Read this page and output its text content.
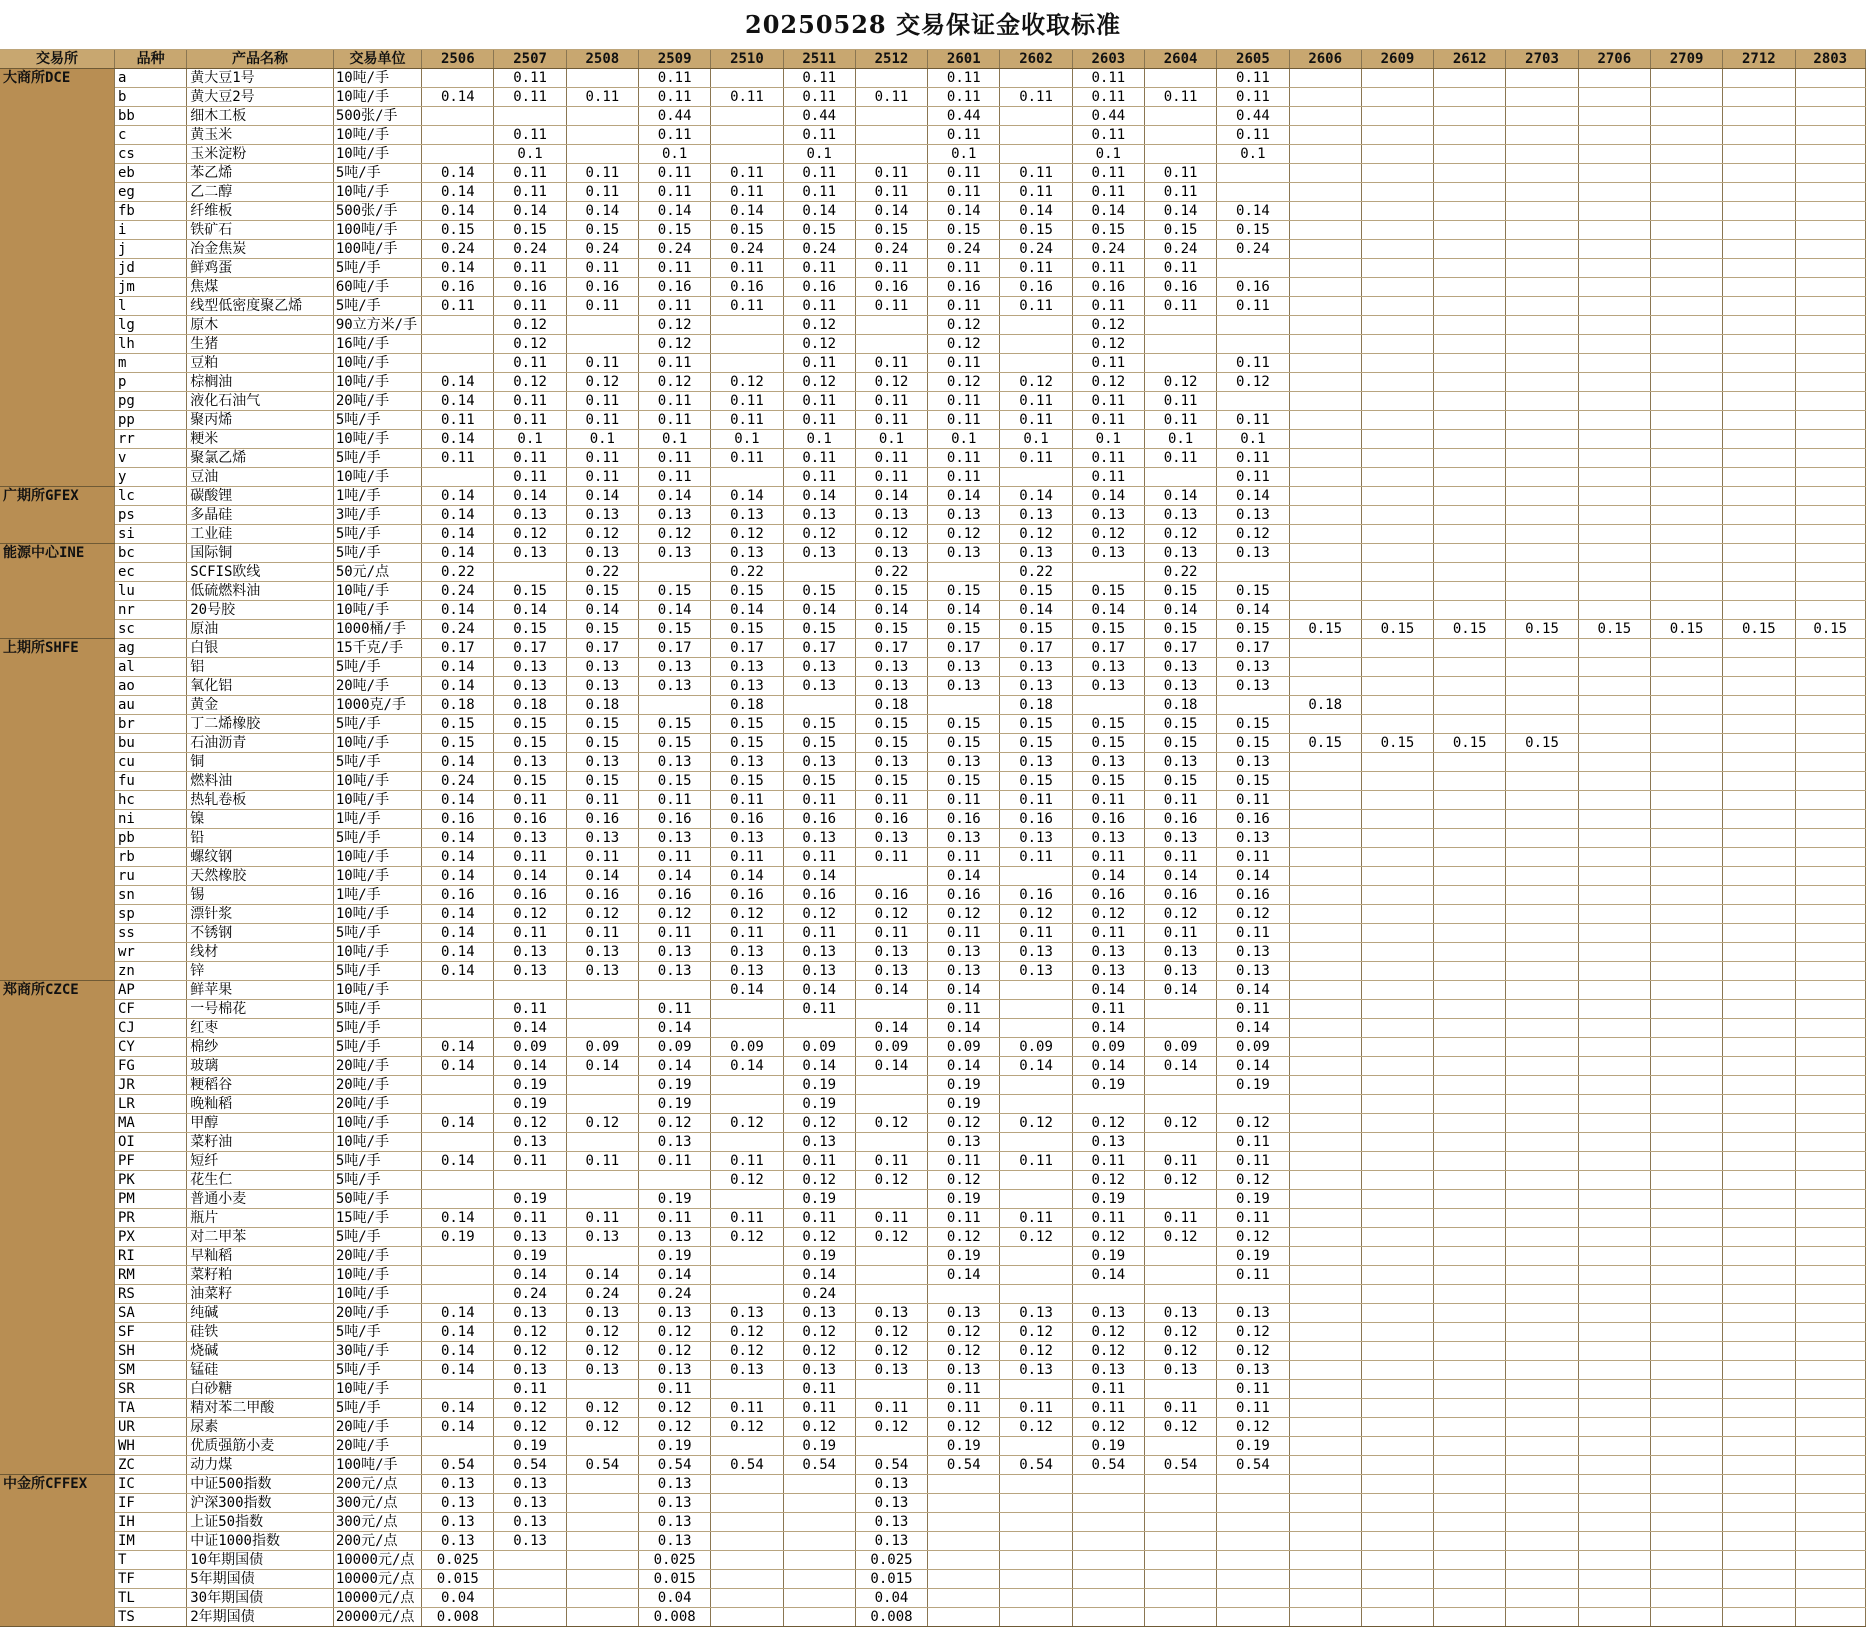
20250528 交易保证金收取标准
交易所	品种	产品名称	交易单位	2506	2507	2508	2509	2510	2511	2512	2601	2602	2603	2604	2605	2606	2609	2612	2703	2706	2709	2712	2803
大商所DCE	a	黄大豆1号	10吨/手		0.11		0.11		0.11		0.11		0.11		0.11								
	b	黄大豆2号	10吨/手	0.14	0.11	0.11	0.11	0.11	0.11	0.11	0.11	0.11	0.11	0.11	0.11								
	bb	细木工板	500张/手				0.44		0.44		0.44		0.44		0.44								
	c	黄玉米	10吨/手		0.11		0.11		0.11		0.11		0.11		0.11								
	cs	玉米淀粉	10吨/手		0.1		0.1		0.1		0.1		0.1		0.1								
	eb	苯乙烯	5吨/手	0.14	0.11	0.11	0.11	0.11	0.11	0.11	0.11	0.11	0.11	0.11									
	eg	乙二醇	10吨/手	0.14	0.11	0.11	0.11	0.11	0.11	0.11	0.11	0.11	0.11	0.11									
	fb	纤维板	500张/手	0.14	0.14	0.14	0.14	0.14	0.14	0.14	0.14	0.14	0.14	0.14	0.14								
	i	铁矿石	100吨/手	0.15	0.15	0.15	0.15	0.15	0.15	0.15	0.15	0.15	0.15	0.15	0.15								
	j	冶金焦炭	100吨/手	0.24	0.24	0.24	0.24	0.24	0.24	0.24	0.24	0.24	0.24	0.24	0.24								
	jd	鲜鸡蛋	5吨/手	0.14	0.11	0.11	0.11	0.11	0.11	0.11	0.11	0.11	0.11	0.11									
	jm	焦煤	60吨/手	0.16	0.16	0.16	0.16	0.16	0.16	0.16	0.16	0.16	0.16	0.16	0.16								
	l	线型低密度聚乙烯	5吨/手	0.11	0.11	0.11	0.11	0.11	0.11	0.11	0.11	0.11	0.11	0.11	0.11								
	lg	原木	90立方米/手		0.12		0.12		0.12		0.12		0.12										
	lh	生猪	16吨/手		0.12		0.12		0.12		0.12		0.12										
	m	豆粕	10吨/手		0.11	0.11	0.11		0.11	0.11	0.11		0.11		0.11								
	p	棕榈油	10吨/手	0.14	0.12	0.12	0.12	0.12	0.12	0.12	0.12	0.12	0.12	0.12	0.12								
	pg	液化石油气	20吨/手	0.14	0.11	0.11	0.11	0.11	0.11	0.11	0.11	0.11	0.11	0.11									
	pp	聚丙烯	5吨/手	0.11	0.11	0.11	0.11	0.11	0.11	0.11	0.11	0.11	0.11	0.11	0.11								
	rr	粳米	10吨/手	0.14	0.1	0.1	0.1	0.1	0.1	0.1	0.1	0.1	0.1	0.1	0.1								
	v	聚氯乙烯	5吨/手	0.11	0.11	0.11	0.11	0.11	0.11	0.11	0.11	0.11	0.11	0.11	0.11								
	y	豆油	10吨/手		0.11	0.11	0.11		0.11	0.11	0.11		0.11		0.11								
广期所GFEX	lc	碳酸锂	1吨/手	0.14	0.14	0.14	0.14	0.14	0.14	0.14	0.14	0.14	0.14	0.14	0.14								
	ps	多晶硅	3吨/手	0.14	0.13	0.13	0.13	0.13	0.13	0.13	0.13	0.13	0.13	0.13	0.13								
	si	工业硅	5吨/手	0.14	0.12	0.12	0.12	0.12	0.12	0.12	0.12	0.12	0.12	0.12	0.12								
能源中心INE	bc	国际铜	5吨/手	0.14	0.13	0.13	0.13	0.13	0.13	0.13	0.13	0.13	0.13	0.13	0.13								
	ec	SCFIS欧线	50元/点	0.22		0.22		0.22		0.22		0.22		0.22									
	lu	低硫燃料油	10吨/手	0.24	0.15	0.15	0.15	0.15	0.15	0.15	0.15	0.15	0.15	0.15	0.15								
	nr	20号胶	10吨/手	0.14	0.14	0.14	0.14	0.14	0.14	0.14	0.14	0.14	0.14	0.14	0.14								
	sc	原油	1000桶/手	0.24	0.15	0.15	0.15	0.15	0.15	0.15	0.15	0.15	0.15	0.15	0.15	0.15	0.15	0.15	0.15	0.15	0.15	0.15	0.15
上期所SHFE	ag	白银	15千克/手	0.17	0.17	0.17	0.17	0.17	0.17	0.17	0.17	0.17	0.17	0.17	0.17								
	al	铝	5吨/手	0.14	0.13	0.13	0.13	0.13	0.13	0.13	0.13	0.13	0.13	0.13	0.13								
	ao	氧化铝	20吨/手	0.14	0.13	0.13	0.13	0.13	0.13	0.13	0.13	0.13	0.13	0.13	0.13								
	au	黄金	1000克/手	0.18	0.18	0.18		0.18		0.18		0.18		0.18		0.18							
	br	丁二烯橡胶	5吨/手	0.15	0.15	0.15	0.15	0.15	0.15	0.15	0.15	0.15	0.15	0.15	0.15								
	bu	石油沥青	10吨/手	0.15	0.15	0.15	0.15	0.15	0.15	0.15	0.15	0.15	0.15	0.15	0.15	0.15	0.15	0.15	0.15				
	cu	铜	5吨/手	0.14	0.13	0.13	0.13	0.13	0.13	0.13	0.13	0.13	0.13	0.13	0.13								
	fu	燃料油	10吨/手	0.24	0.15	0.15	0.15	0.15	0.15	0.15	0.15	0.15	0.15	0.15	0.15								
	hc	热轧卷板	10吨/手	0.14	0.11	0.11	0.11	0.11	0.11	0.11	0.11	0.11	0.11	0.11	0.11								
	ni	镍	1吨/手	0.16	0.16	0.16	0.16	0.16	0.16	0.16	0.16	0.16	0.16	0.16	0.16								
	pb	铅	5吨/手	0.14	0.13	0.13	0.13	0.13	0.13	0.13	0.13	0.13	0.13	0.13	0.13								
	rb	螺纹钢	10吨/手	0.14	0.11	0.11	0.11	0.11	0.11	0.11	0.11	0.11	0.11	0.11	0.11								
	ru	天然橡胶	10吨/手	0.14	0.14	0.14	0.14	0.14	0.14		0.14		0.14	0.14	0.14								
	sn	锡	1吨/手	0.16	0.16	0.16	0.16	0.16	0.16	0.16	0.16	0.16	0.16	0.16	0.16								
	sp	漂针浆	10吨/手	0.14	0.12	0.12	0.12	0.12	0.12	0.12	0.12	0.12	0.12	0.12	0.12								
	ss	不锈钢	5吨/手	0.14	0.11	0.11	0.11	0.11	0.11	0.11	0.11	0.11	0.11	0.11	0.11								
	wr	线材	10吨/手	0.14	0.13	0.13	0.13	0.13	0.13	0.13	0.13	0.13	0.13	0.13	0.13								
	zn	锌	5吨/手	0.14	0.13	0.13	0.13	0.13	0.13	0.13	0.13	0.13	0.13	0.13	0.13								
郑商所CZCE	AP	鲜苹果	10吨/手					0.14	0.14	0.14	0.14		0.14	0.14	0.14								
	CF	一号棉花	5吨/手		0.11		0.11		0.11		0.11		0.11		0.11								
	CJ	红枣	5吨/手		0.14		0.14			0.14	0.14		0.14		0.14								
	CY	棉纱	5吨/手	0.14	0.09	0.09	0.09	0.09	0.09	0.09	0.09	0.09	0.09	0.09	0.09								
	FG	玻璃	20吨/手	0.14	0.14	0.14	0.14	0.14	0.14	0.14	0.14	0.14	0.14	0.14	0.14								
	JR	粳稻谷	20吨/手		0.19		0.19		0.19		0.19		0.19		0.19								
	LR	晚籼稻	20吨/手		0.19		0.19		0.19		0.19												
	MA	甲醇	10吨/手	0.14	0.12	0.12	0.12	0.12	0.12	0.12	0.12	0.12	0.12	0.12	0.12								
	OI	菜籽油	10吨/手		0.13		0.13		0.13		0.13		0.13		0.11								
	PF	短纤	5吨/手	0.14	0.11	0.11	0.11	0.11	0.11	0.11	0.11	0.11	0.11	0.11	0.11								
	PK	花生仁	5吨/手					0.12	0.12	0.12	0.12		0.12	0.12	0.12								
	PM	普通小麦	50吨/手		0.19		0.19		0.19		0.19		0.19		0.19								
	PR	瓶片	15吨/手	0.14	0.11	0.11	0.11	0.11	0.11	0.11	0.11	0.11	0.11	0.11	0.11								
	PX	对二甲苯	5吨/手	0.19	0.13	0.13	0.13	0.12	0.12	0.12	0.12	0.12	0.12	0.12	0.12								
	RI	早籼稻	20吨/手		0.19		0.19		0.19		0.19		0.19		0.19								
	RM	菜籽粕	10吨/手		0.14	0.14	0.14		0.14		0.14		0.14		0.11								
	RS	油菜籽	10吨/手		0.24	0.24	0.24		0.24														
	SA	纯碱	20吨/手	0.14	0.13	0.13	0.13	0.13	0.13	0.13	0.13	0.13	0.13	0.13	0.13								
	SF	硅铁	5吨/手	0.14	0.12	0.12	0.12	0.12	0.12	0.12	0.12	0.12	0.12	0.12	0.12								
	SH	烧碱	30吨/手	0.14	0.12	0.12	0.12	0.12	0.12	0.12	0.12	0.12	0.12	0.12	0.12								
	SM	锰硅	5吨/手	0.14	0.13	0.13	0.13	0.13	0.13	0.13	0.13	0.13	0.13	0.13	0.13								
	SR	白砂糖	10吨/手		0.11		0.11		0.11		0.11		0.11		0.11								
	TA	精对苯二甲酸	5吨/手	0.14	0.12	0.12	0.12	0.11	0.11	0.11	0.11	0.11	0.11	0.11	0.11								
	UR	尿素	20吨/手	0.14	0.12	0.12	0.12	0.12	0.12	0.12	0.12	0.12	0.12	0.12	0.12								
	WH	优质强筋小麦	20吨/手		0.19		0.19		0.19		0.19		0.19		0.19								
	ZC	动力煤	100吨/手	0.54	0.54	0.54	0.54	0.54	0.54	0.54	0.54	0.54	0.54	0.54	0.54								
中金所CFFEX	IC	中证500指数	200元/点	0.13	0.13		0.13			0.13													
	IF	沪深300指数	300元/点	0.13	0.13		0.13			0.13													
	IH	上证50指数	300元/点	0.13	0.13		0.13			0.13													
	IM	中证1000指数	200元/点	0.13	0.13		0.13			0.13													
	T	10年期国债	10000元/点	0.025			0.025			0.025													
	TF	5年期国债	10000元/点	0.015			0.015			0.015													
	TL	30年期国债	10000元/点	0.04			0.04			0.04													
	TS	2年期国债	20000元/点	0.008			0.008			0.008													
